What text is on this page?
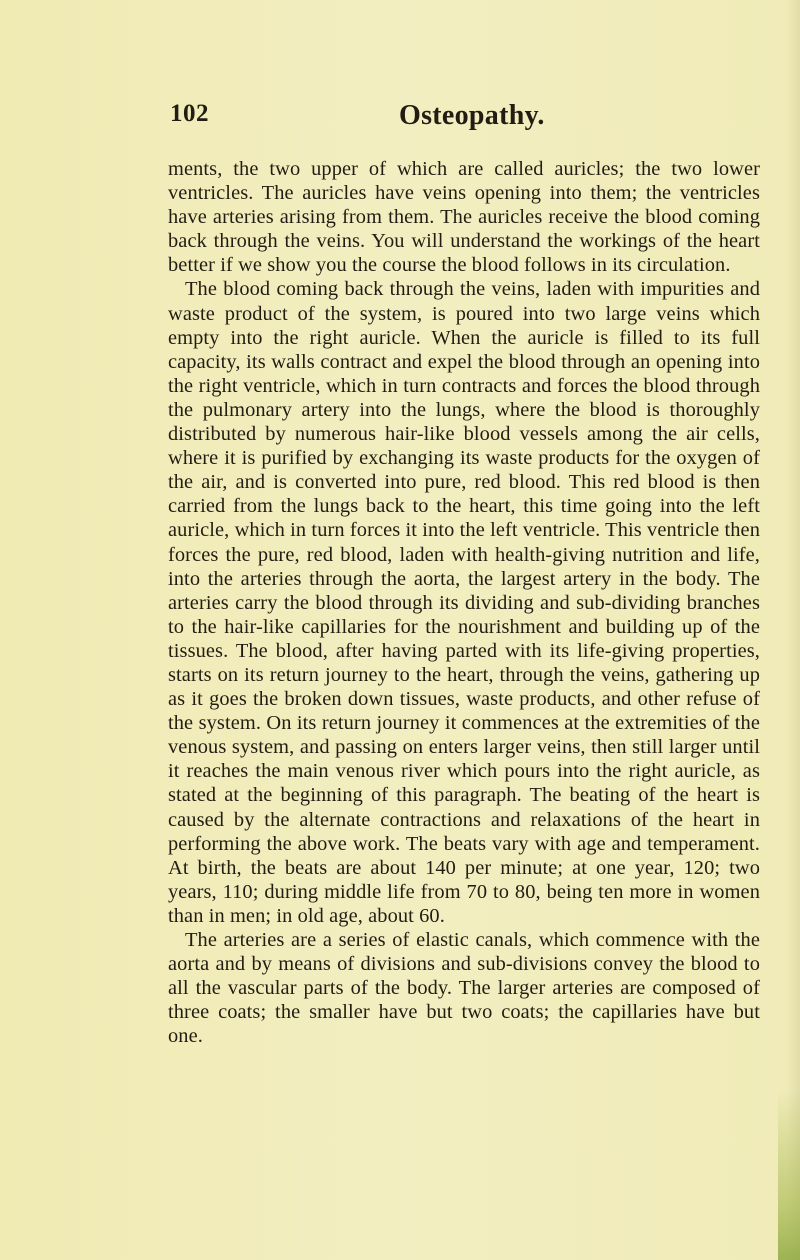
102	Osteopathy.

ments, the two upper of which are called auricles; the two lower ventricles. The auricles have veins opening into them; the ventricles have arteries arising from them. The auricles receive the blood coming back through the veins. You will understand the workings of the heart better if we show you the course the blood follows in its circulation.

The blood coming back through the veins, laden with impurities and waste product of the system, is poured into two large veins which empty into the right auricle. When the auricle is filled to its full capacity, its walls contract and expel the blood through an opening into the right ventricle, which in turn contracts and forces the blood through the pulmonary artery into the lungs, where the blood is thoroughly distributed by numerous hair-like blood vessels among the air cells, where it is purified by exchanging its waste products for the oxygen of the air, and is converted into pure, red blood. This red blood is then carried from the lungs back to the heart, this time going into the left auricle, which in turn forces it into the left ventricle. This ventricle then forces the pure, red blood, laden with health-giving nutrition and life, into the arteries through the aorta, the largest artery in the body. The arteries carry the blood through its dividing and sub-dividing branches to the hair-like capillaries for the nourishment and building up of the tissues. The blood, after having parted with its life-giving properties, starts on its return journey to the heart, through the veins, gathering up as it goes the broken down tissues, waste products, and other refuse of the system. On its return journey it commences at the extremities of the venous system, and passing on enters larger veins, then still larger until it reaches the main venous river which pours into the right auricle, as stated at the beginning of this paragraph. The beating of the heart is caused by the alternate contractions and relaxations of the heart in performing the above work. The beats vary with age and temperament. At birth, the beats are about 140 per minute; at one year, 120; two years, 110; during middle life from 70 to 80, being ten more in women than in men; in old age, about 60.

The arteries are a series of elastic canals, which commence with the aorta and by means of divisions and sub-divisions convey the blood to all the vascular parts of the body. The larger arteries are composed of three coats; the smaller have but two coats; the capillaries have but one.
